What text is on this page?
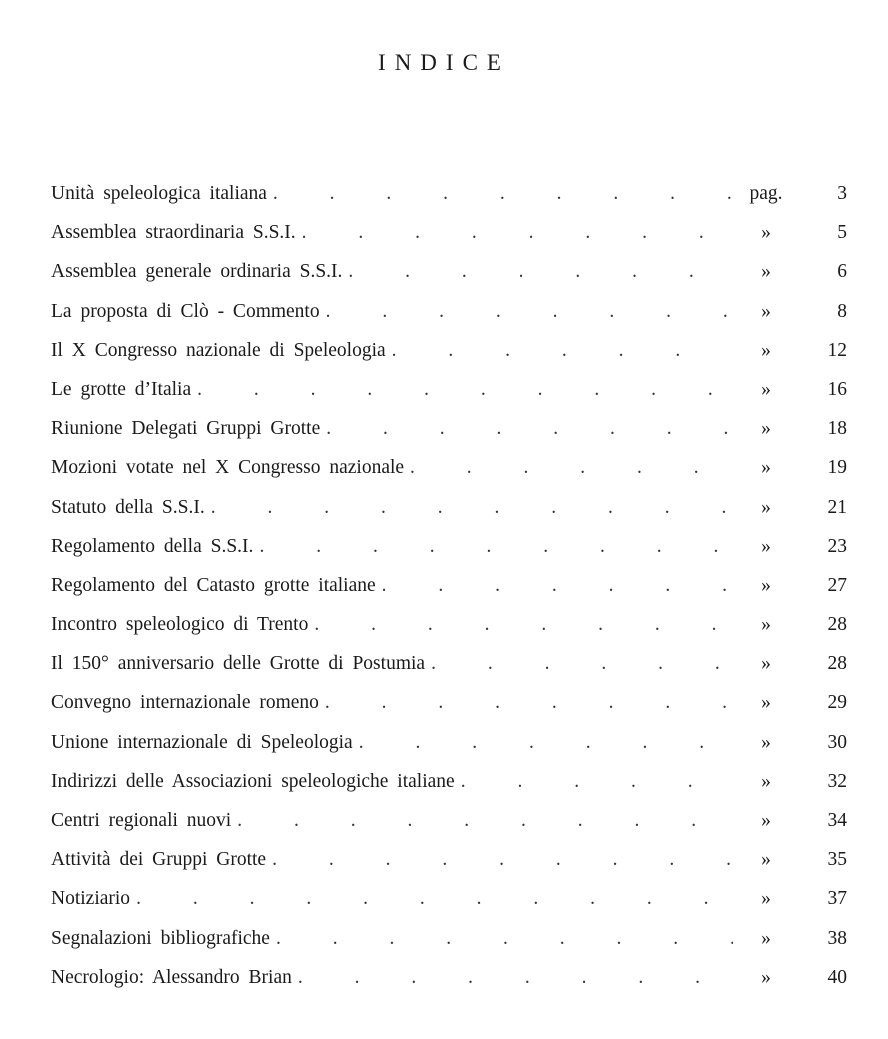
INDICE
Unità speleologica italiana . . .	pag.	3
Assemblea straordinaria S.S.I. . . .	»	5
Assemblea generale ordinaria S.S.I. . . .	»	6
La proposta di Clò - Commento . . .	»	8
Il X Congresso nazionale di Speleologia . . .	»	12
Le grotte d’Italia . . .	»	16
Riunione Delegati Gruppi Grotte . . .	»	18
Mozioni votate nel X Congresso nazionale . . .	»	19
Statuto della S.S.I. . . .	»	21
Regolamento della S.S.I. . . .	»	23
Regolamento del Catasto grotte italiane . . .	»	27
Incontro speleologico di Trento . . .	»	28
Il 150° anniversario delle Grotte di Postumia . . .	»	28
Convegno internazionale romeno . . .	»	29
Unione internazionale di Speleologia . . .	»	30
Indirizzi delle Associazioni speleologiche italiane . . .	»	32
Centri regionali nuovi . . .	»	34
Attività dei Gruppi Grotte . . .	»	35
Notiziario . . .	»	37
Segnalazioni bibliografiche . . .	»	38
Necrologio: Alessandro Brian . . .	»	40
